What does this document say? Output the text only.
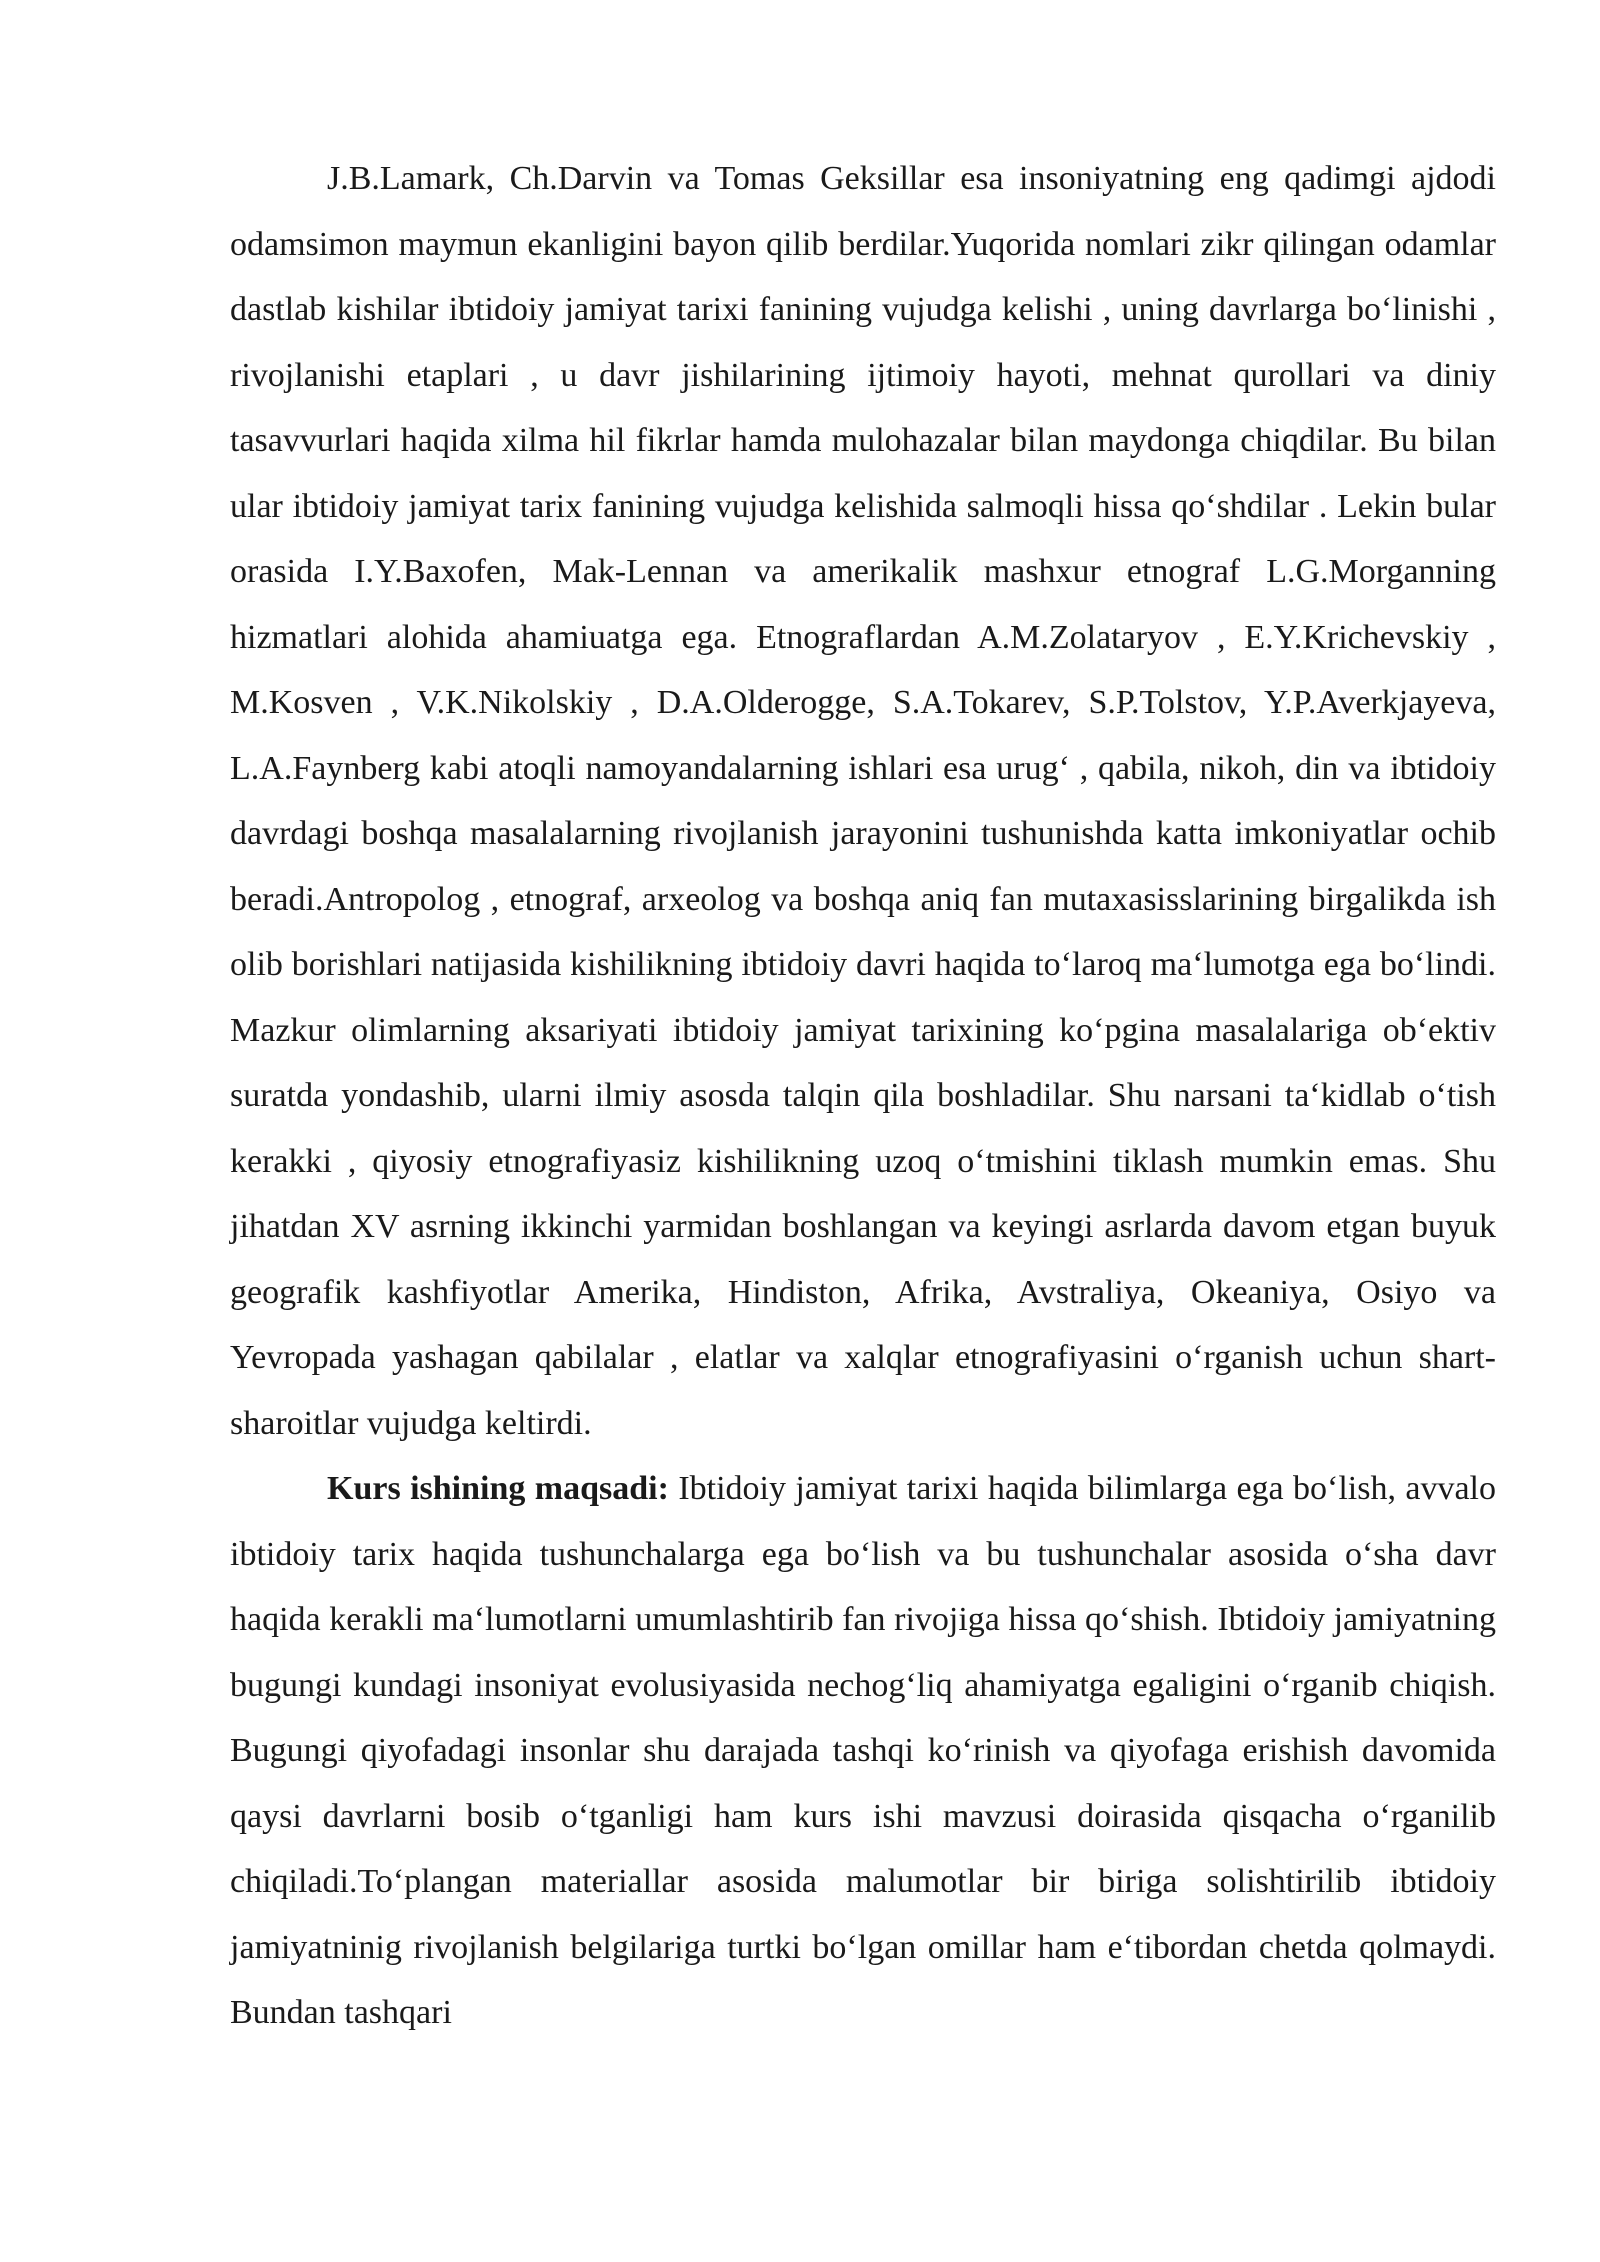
J.B.Lamark, Ch.Darvin va Tomas Geksillar esa insoniyatning eng qadimgi ajdodi odamsimon maymun ekanligini bayon qilib berdilar.Yuqorida nomlari zikr qilingan odamlar dastlab kishilar ibtidoiy jamiyat tarixi fanining vujudga kelishi , uning davrlarga bo‘linishi , rivojlanishi etaplari , u davr jishilarining ijtimoiy hayoti, mehnat qurollari va diniy tasavvurlari haqida xilma hil fikrlar hamda mulohazalar bilan maydonga chiqdilar. Bu bilan ular ibtidoiy jamiyat tarix fanining vujudga kelishida salmoqli hissa qo‘shdilar . Lekin bular orasida I.Y.Baxofen, Mak-Lennan va amerikalik mashxur etnograf L.G.Morganning hizmatlari alohida ahamiuatga ega. Etnograflardan A.M.Zolataryov , E.Y.Krichevskiy , M.Kosven , V.K.Nikolskiy , D.A.Olderogge, S.A.Tokarev, S.P.Tolstov, Y.P.Averkjayeva, L.A.Faynberg kabi atoqli namoyandalarning ishlari esa urug‘ , qabila, nikoh, din va ibtidoiy davrdagi boshqa masalalarning rivojlanish jarayonini tushunishda katta imkoniyatlar ochib beradi.Antropolog , etnograf, arxeolog va boshqa aniq fan mutaxasisslarining birgalikda ish olib borishlari natijasida kishilikning ibtidoiy davri haqida to‘laroq ma‘lumotga ega bo‘lindi. Mazkur olimlarning aksariyati ibtidoiy jamiyat tarixining ko‘pgina masalalariga ob‘ektiv suratda yondashib, ularni ilmiy asosda talqin qila boshladilar. Shu narsani ta‘kidlab o‘tish kerakki , qiyosiy etnografiyasiz kishilikning uzoq o‘tmishini tiklash mumkin emas. Shu jihatdan XV asrning ikkinchi yarmidan boshlangan va keyingi asrlarda davom etgan buyuk geografik kashfiyotlar Amerika, Hindiston, Afrika, Avstraliya, Okeaniya, Osiyo va Yevropada yashagan qabilalar , elatlar va xalqlar etnografiyasini o‘rganish uchun shart-sharoitlar vujudga keltirdi.

Kurs ishining maqsadi: Ibtidoiy jamiyat tarixi haqida bilimlarga ega bo‘lish, avvalo ibtidoiy tarix haqida tushunchalarga ega bo‘lish va bu tushunchalar asosida o‘sha davr haqida kerakli ma‘lumotlarni umumlashtirib fan rivojiga hissa qo‘shish. Ibtidoiy jamiyatning bugungi kundagi insoniyat evolusiyasida nechog‘liq ahamiyatga egaligini o‘rganib chiqish. Bugungi qiyofadagi insonlar shu darajada tashqi ko‘rinish va qiyofaga erishish davomida qaysi davrlarni bosib o‘tganligi ham kurs ishi mavzusi doirasida qisqacha o‘rganilib chiqiladi.To‘plangan materiallar asosida malumotlar bir biriga solishtirilib ibtidoiy jamiyatninig rivojlanish belgilariga turtki bo‘lgan omillar ham e‘tibordan chetda qolmaydi. Bundan tashqari
